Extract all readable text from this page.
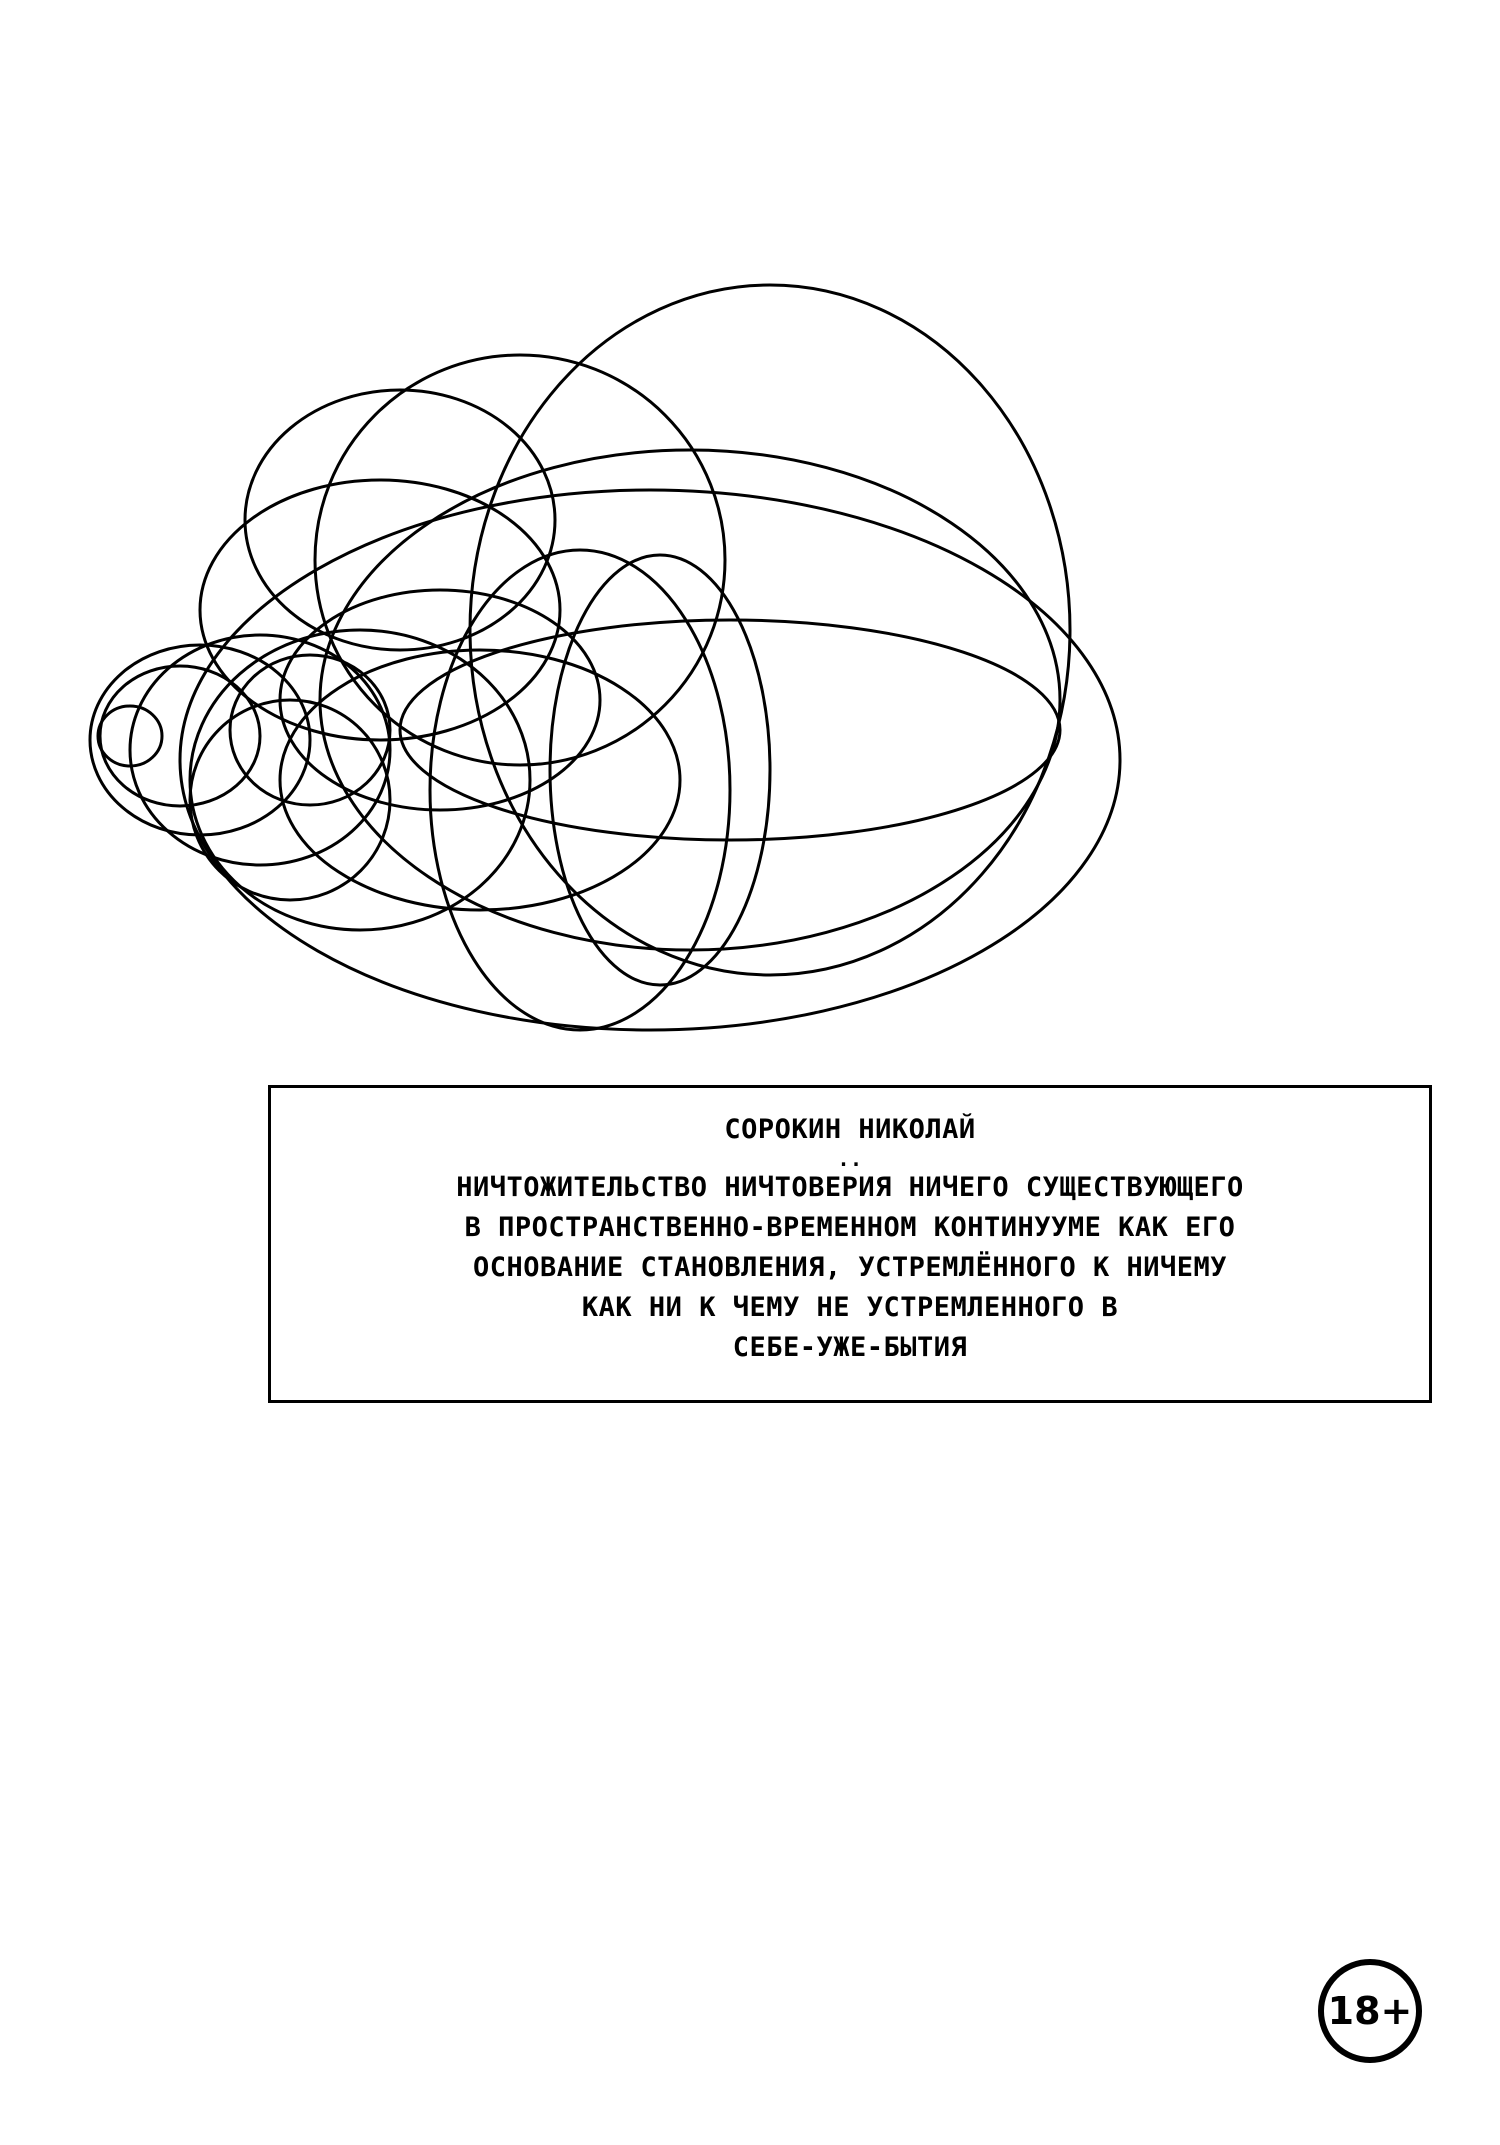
СОРОКИН НИКОЛАЙ
..
НИЧТОЖИТЕЛЬСТВО НИЧТОВЕРИЯ НИЧЕГО СУЩЕСТВУЮЩЕГО
В ПРОСТРАНСТВЕННО-ВРЕМЕННОМ КОНТИНУУМЕ КАК ЕГО
ОСНОВАНИЕ СТАНОВЛЕНИЯ, УСТРЕМЛЁННОГО К НИЧЕМУ
КАК НИ К ЧЕМУ НЕ УСТРЕМЛЕННОГО В
СЕБЕ-УЖЕ-БЫТИЯ
18+
